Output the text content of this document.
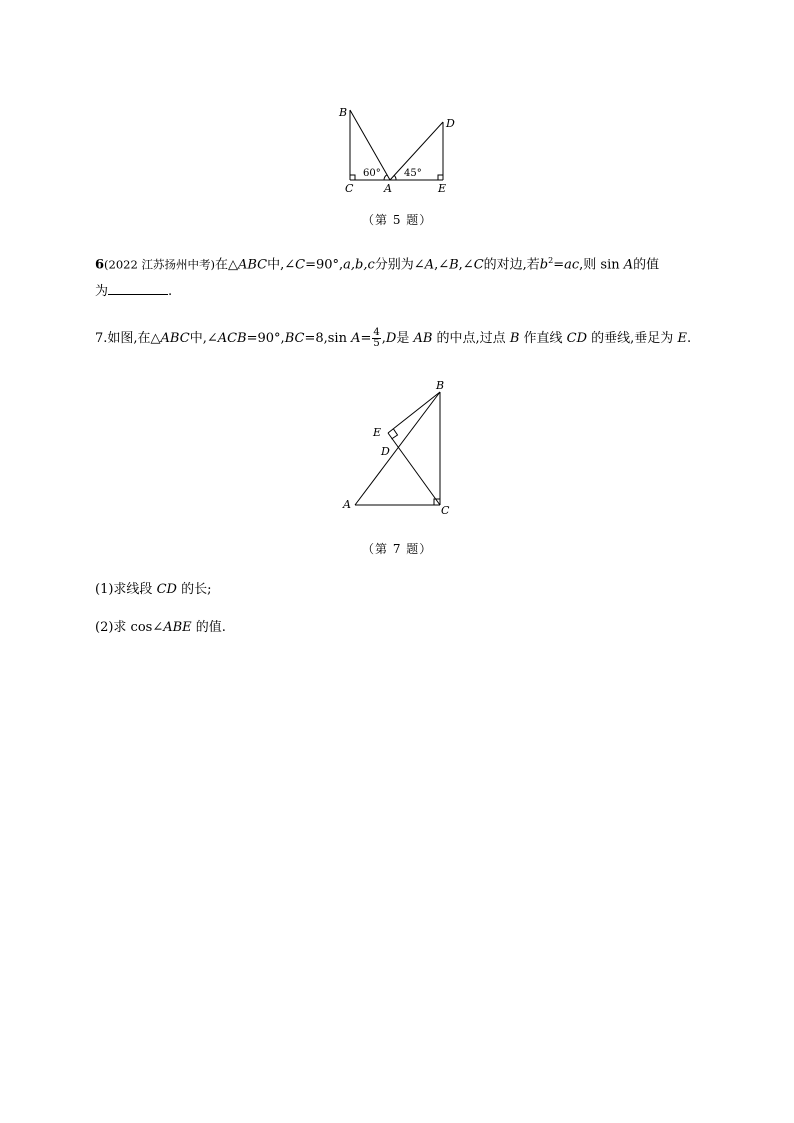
B
D
C	A	E
60° 45°
（第 5 题）
6(2022 江苏扬州中考)在△ABC中,∠C=90°,a,b,c分别为∠A,∠B,∠C的对边,若$b^2=ac$,则 sin A的值
为	.
7.如图,在△ABC中,∠ACB=90°,BC=8,sin $A= \frac{4}{5} ,D$是 AB 的中点,过点 B 作直线 CD 的垂线,垂足为 E.
B
E
D
A	C
（第 7 题）
(1)求线段 CD 的长;
(2)求 cos∠ABE 的值.
